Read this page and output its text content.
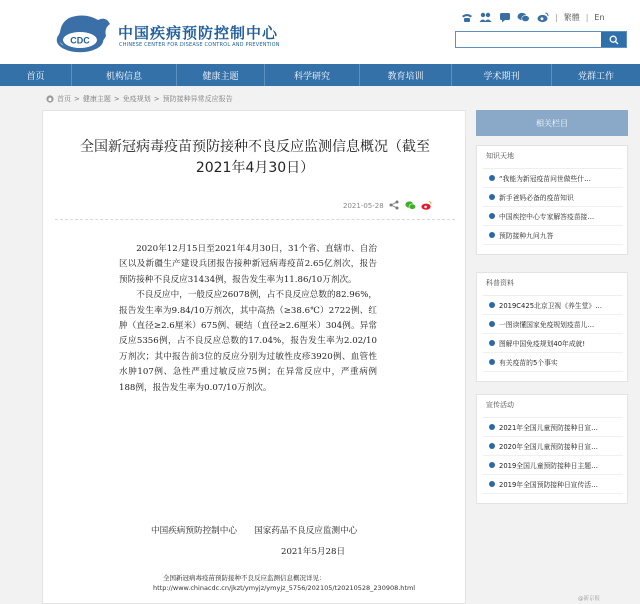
CDC 中国疾病预防控制中心
CHINESE CENTER FOR DISEASE CONTROL AND PREVENTION
| 繁體 | En
首页	机构信息	健康主题	科学研究	教育培训	学术期刊	党群工作
首页 > 健康主题 > 免疫规划 > 预防接种异常反应报告
全国新冠病毒疫苗预防接种不良反应监测信息概况（截至
2021年4月30日）
2021-05-28

2020年12月15日至2021年4月30日，31个省、直辖市、自治区以及新疆生产建设兵团报告接种新冠病毒疫苗2.65亿剂次，报告预防接种不良反应31434例，报告发生率为11.86/10万剂次。

不良反应中，一般反应26078例，占不良反应总数的82.96%，报告发生率为9.84/10万剂次，其中高热（≥38.6℃）2722例、红肿（直径≥2.6厘米）675例、硬结（直径≥2.6厘米）304例。异常反应5356例，占不良反应总数的17.04%，报告发生率为2.02/10万剂次；其中报告前3位的反应分别为过敏性皮疹3920例、血管性水肿107例、急性严重过敏反应75例；在异常反应中，严重病例188例，报告发生率为0.07/10万剂次。

中国疾病预防控制中心　　国家药品不良反应监测中心
2021年5月28日
全国新冠病毒疫苗预防接种不良反应监测信息概况详见：
http://www.chinacdc.cn/jkzt/ymyjz/ymyjz_5756/202105/t20210528_230908.html
相关栏目
知识天地
“我能为新冠疫苗问世做些什…
新手爸妈必备的疫苗知识
中国疾控中心专家解答疫苗接…
预防接种九问九答
科普资料
2019C425北京卫视《养生堂》…
一图读懂国家免疫规划疫苗儿…
图解中国免疫规划40年成就!
有关疫苗的5个事实
宣传活动
2021年全国儿童预防接种日宣…
2020年全国儿童预防接种日宣…
2019全国儿童预防接种日主题…
2019年全国预防接种日宣传活…
@新京报
